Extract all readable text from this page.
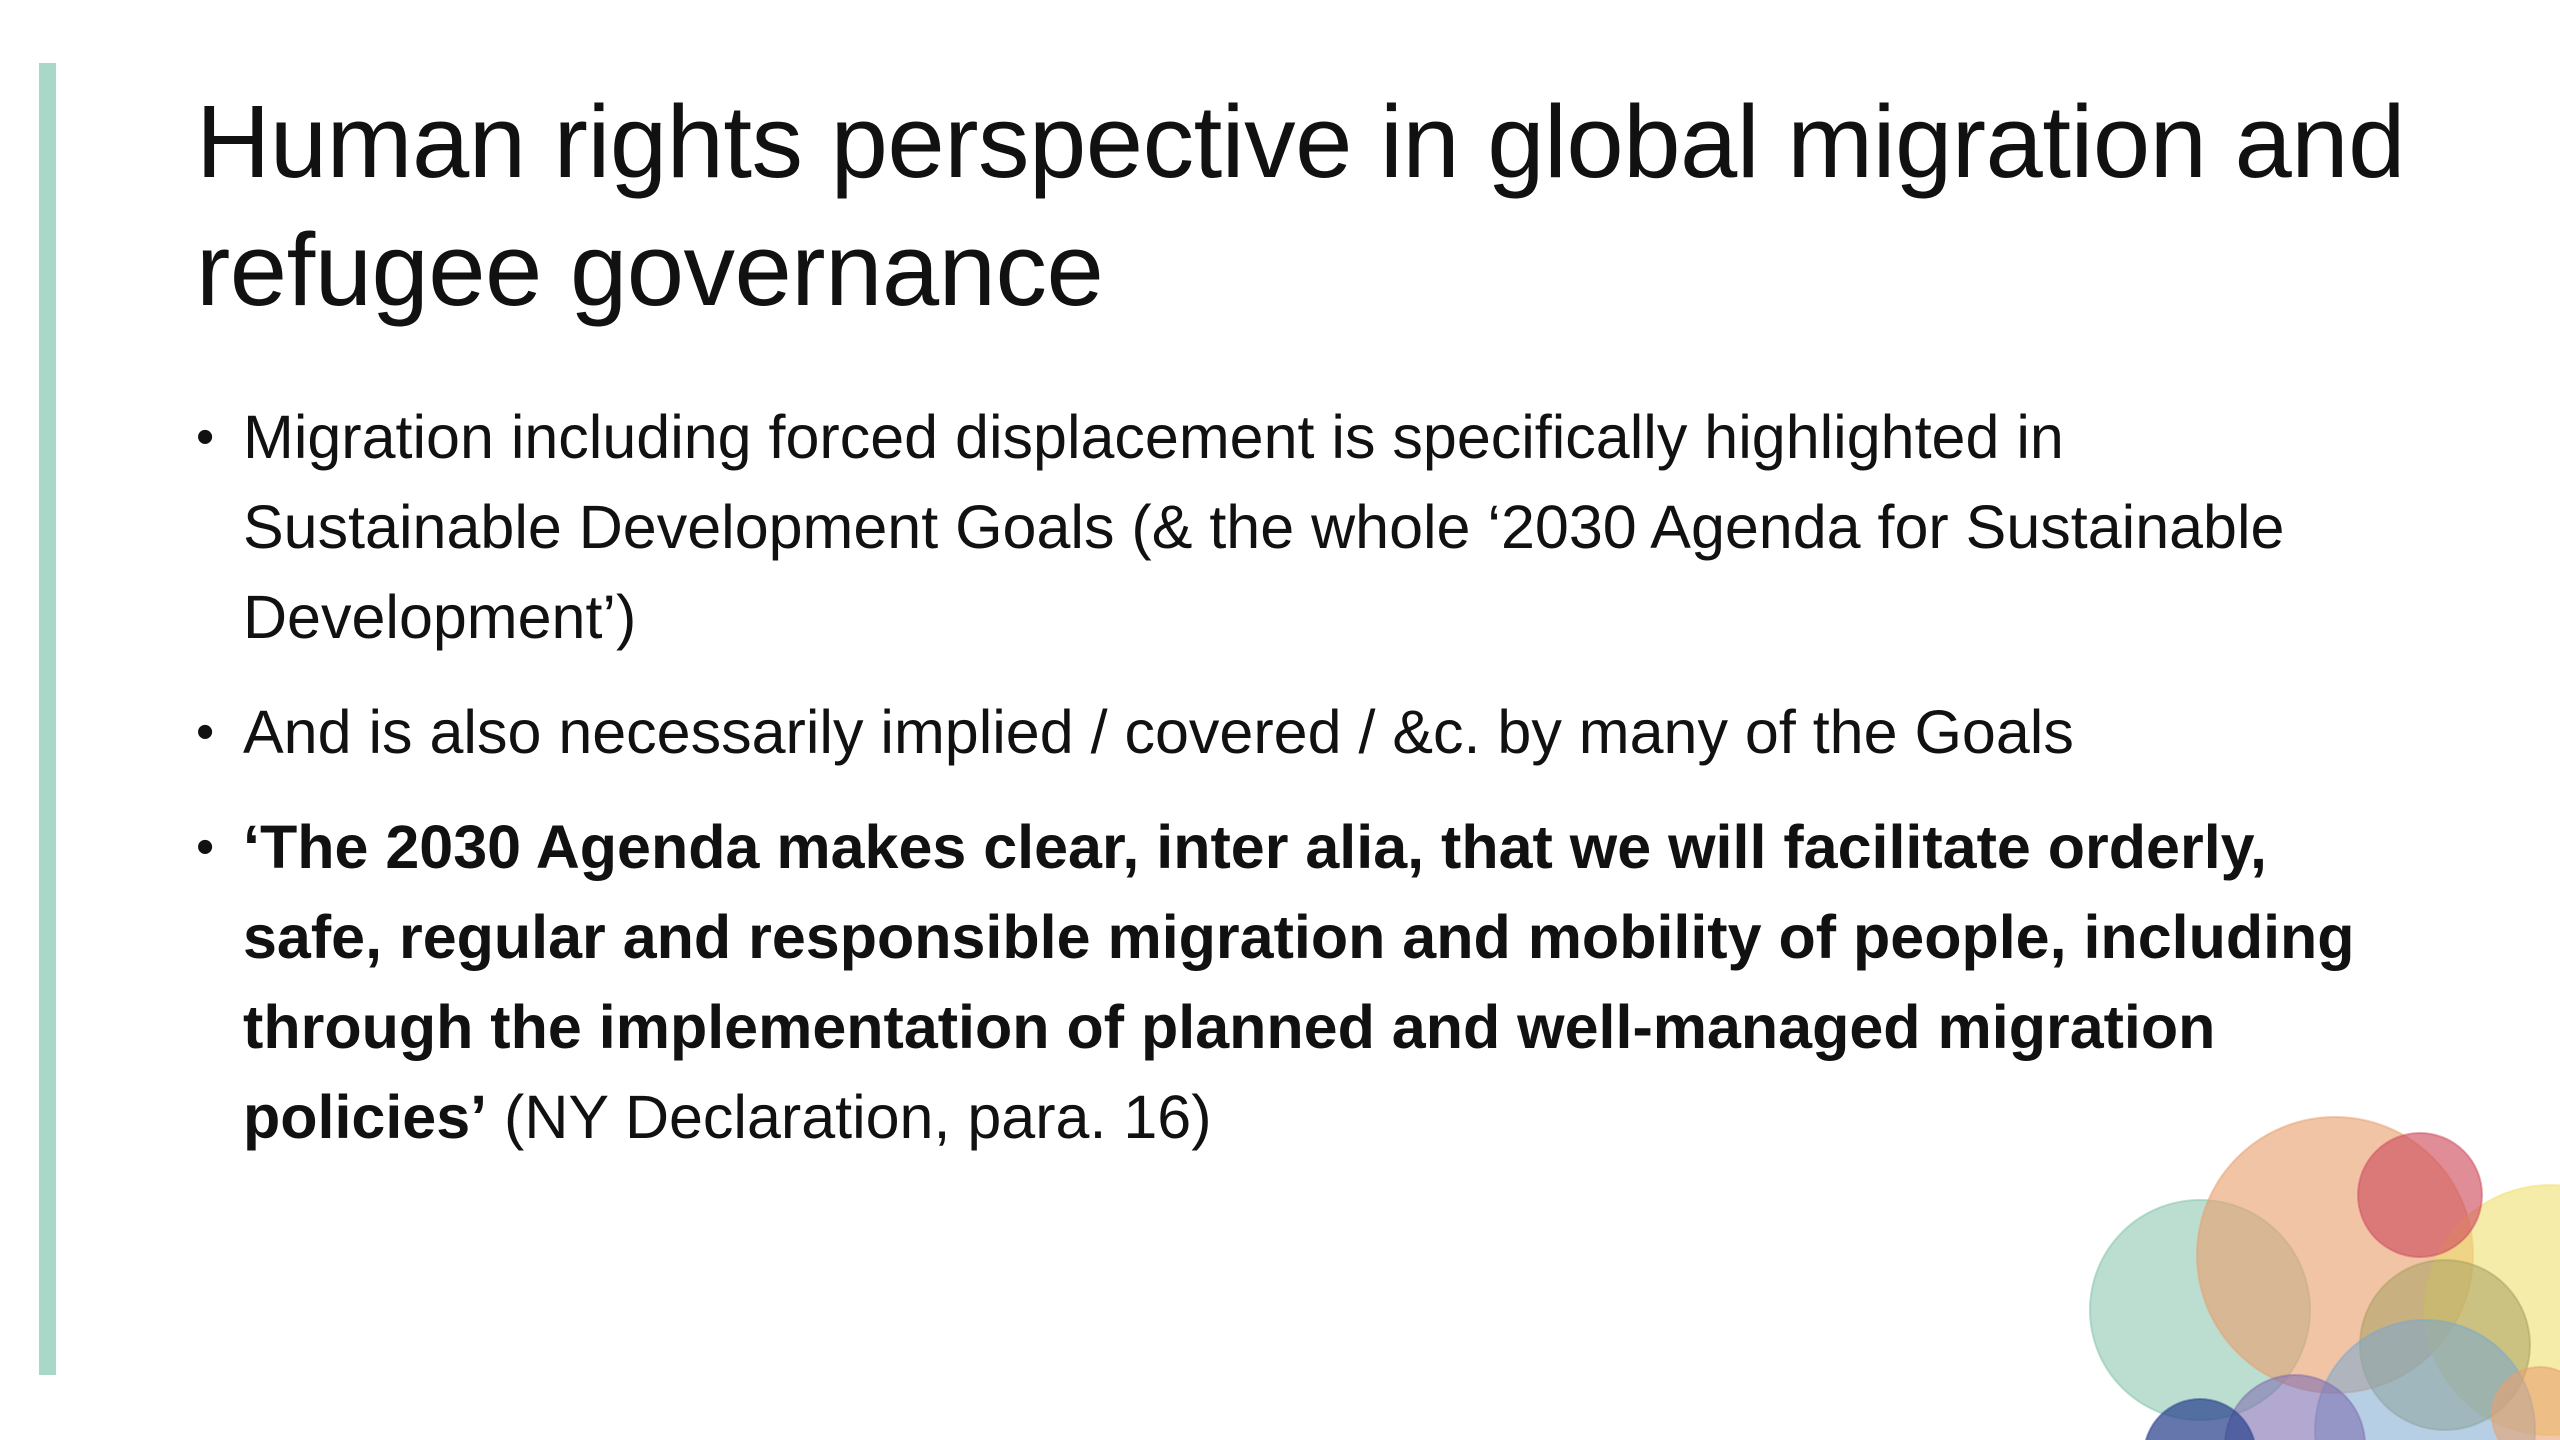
Human rights perspective in global migration and refugee governance
• Migration including forced displacement is specifically highlighted in Sustainable Development Goals (& the whole ‘2030 Agenda for Sustainable Development’)
• And is also necessarily implied / covered / &c. by many of the Goals
• ‘The 2030 Agenda makes clear, inter alia, that we will facilitate orderly, safe, regular and responsible migration and mobility of people, including through the implementation of planned and well-managed migration policies’ (NY Declaration, para. 16)
